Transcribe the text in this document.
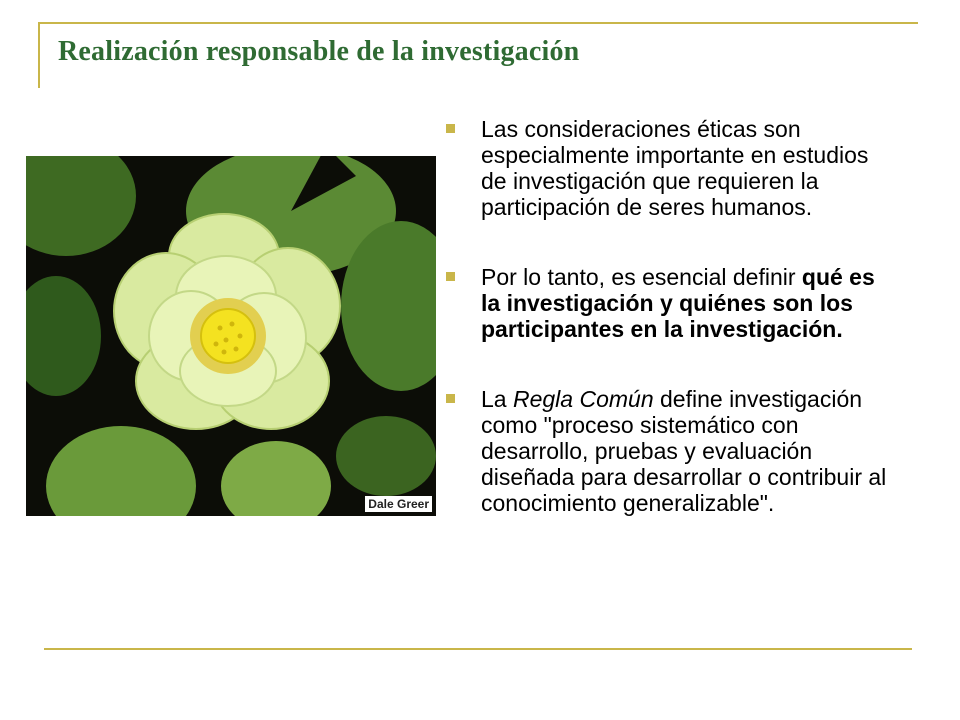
Realización responsable de la investigación
Dale Greer
Las consideraciones éticas son especialmente importante en estudios de investigación que requieren la participación de seres humanos.
Por lo tanto, es esencial definir qué es la investigación y quiénes son los participantes en la investigación.
La Regla Común define investigación como "proceso sistemático con desarrollo, pruebas y evaluación diseñada para desarrollar o contribuir al conocimiento generalizable".
